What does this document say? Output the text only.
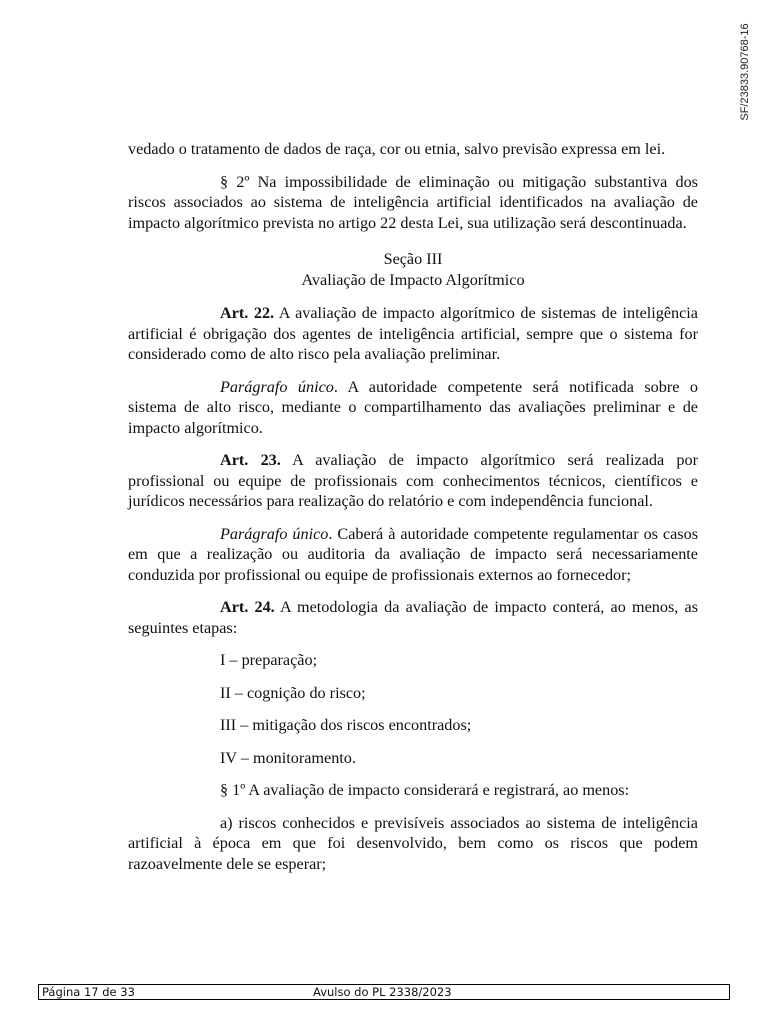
SF/23833.90768-16

vedado o tratamento de dados de raça, cor ou etnia, salvo previsão expressa em lei.

§ 2º Na impossibilidade de eliminação ou mitigação substantiva dos riscos associados ao sistema de inteligência artificial identificados na avaliação de impacto algorítmico prevista no artigo 22 desta Lei, sua utilização será descontinuada.

Seção III
Avaliação de Impacto Algorítmico

Art. 22. A avaliação de impacto algorítmico de sistemas de inteligência artificial é obrigação dos agentes de inteligência artificial, sempre que o sistema for considerado como de alto risco pela avaliação preliminar.

Parágrafo único. A autoridade competente será notificada sobre o sistema de alto risco, mediante o compartilhamento das avaliações preliminar e de impacto algorítmico.

Art. 23. A avaliação de impacto algorítmico será realizada por profissional ou equipe de profissionais com conhecimentos técnicos, científicos e jurídicos necessários para realização do relatório e com independência funcional.

Parágrafo único. Caberá à autoridade competente regulamentar os casos em que a realização ou auditoria da avaliação de impacto será necessariamente conduzida por profissional ou equipe de profissionais externos ao fornecedor;

Art. 24. A metodologia da avaliação de impacto conterá, ao menos, as seguintes etapas:

I – preparação;

II – cognição do risco;

III – mitigação dos riscos encontrados;

IV – monitoramento.

§ 1º A avaliação de impacto considerará e registrará, ao menos:

a) riscos conhecidos e previsíveis associados ao sistema de inteligência artificial à época em que foi desenvolvido, bem como os riscos que podem razoavelmente dele se esperar;

Página 17 de 33	Avulso do PL 2338/2023
